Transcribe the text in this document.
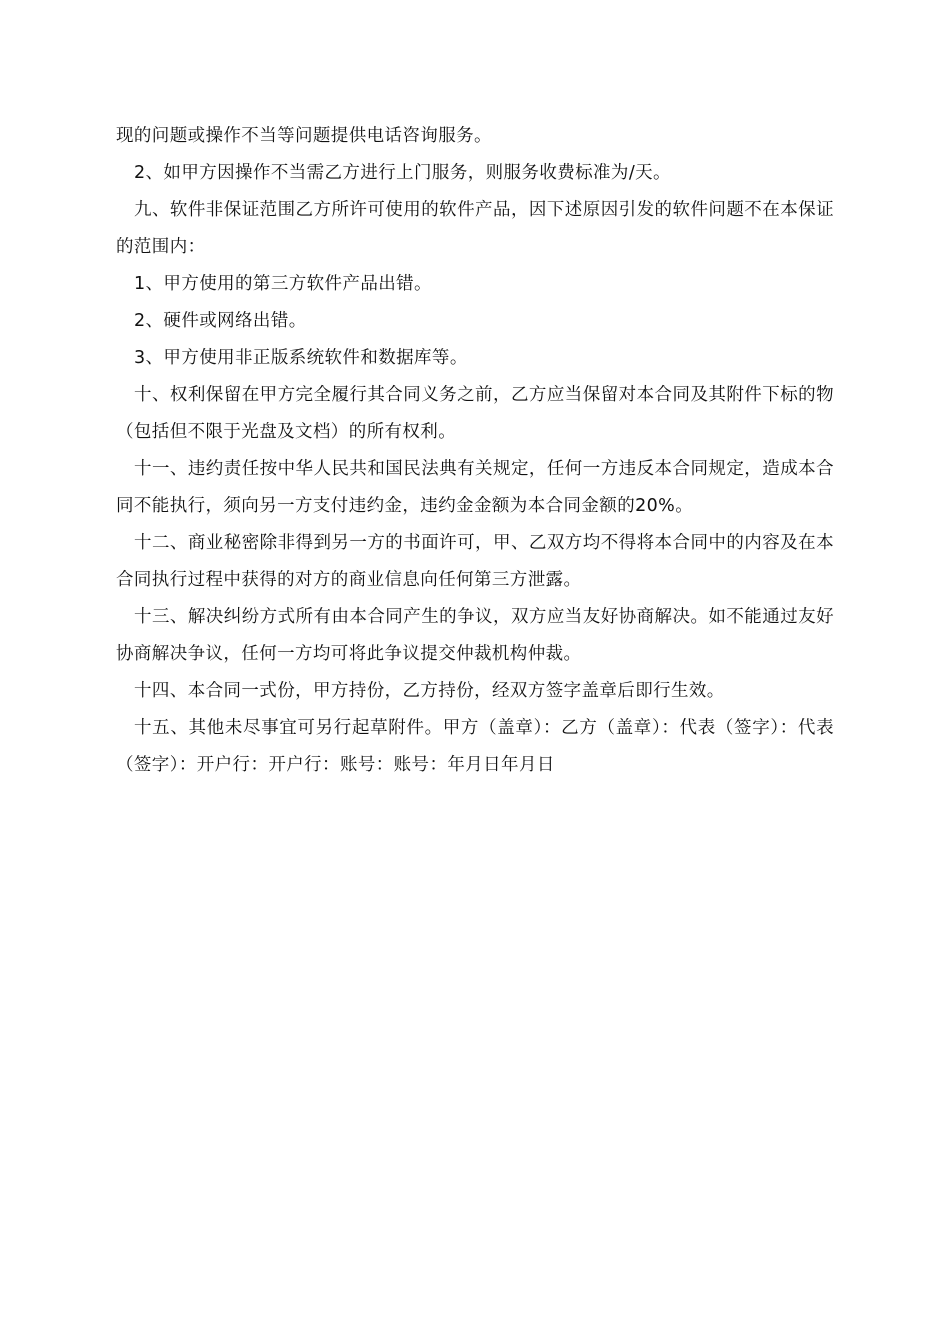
现的问题或操作不当等问题提供电话咨询服务。

2、如甲方因操作不当需乙方进行上门服务，则服务收费标准为/天。

九、软件非保证范围乙方所许可使用的软件产品，因下述原因引发的软件问题不在本保证的范围内：

1、甲方使用的第三方软件产品出错。

2、硬件或网络出错。

3、甲方使用非正版系统软件和数据库等。

十、权利保留在甲方完全履行其合同义务之前，乙方应当保留对本合同及其附件下标的物（包括但不限于光盘及文档）的所有权利。

十一、违约责任按中华人民共和国民法典有关规定，任何一方违反本合同规定，造成本合同不能执行，须向另一方支付违约金，违约金金额为本合同金额的20%。

十二、商业秘密除非得到另一方的书面许可，甲、乙双方均不得将本合同中的内容及在本合同执行过程中获得的对方的商业信息向任何第三方泄露。

十三、解决纠纷方式所有由本合同产生的争议，双方应当友好协商解决。如不能通过友好协商解决争议，任何一方均可将此争议提交仲裁机构仲裁。

十四、本合同一式份，甲方持份，乙方持份，经双方签字盖章后即行生效。

十五、其他未尽事宜可另行起草附件。甲方（盖章）：乙方（盖章）：代表（签字）：代表（签字）：开户行：开户行：账号：账号：年月日年月日
